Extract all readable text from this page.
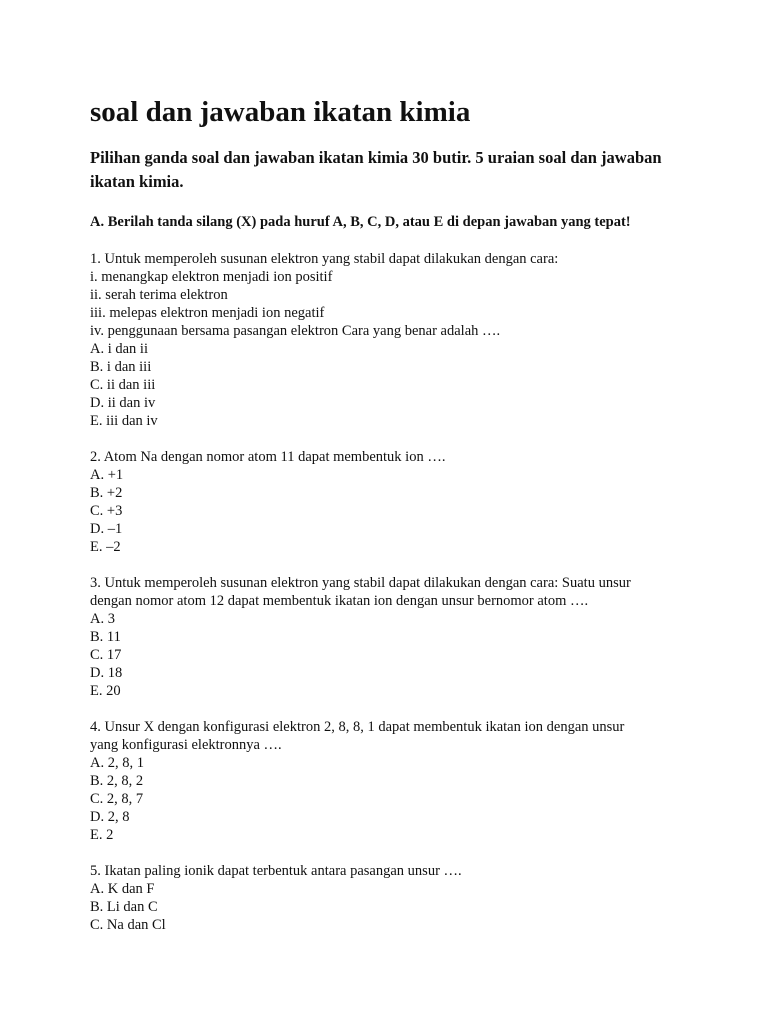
soal dan jawaban ikatan kimia

Pilihan ganda soal dan jawaban ikatan kimia 30 butir. 5 uraian soal dan jawaban ikatan kimia.

A. Berilah tanda silang (X) pada huruf A, B, C, D, atau E di depan jawaban yang tepat!

1. Untuk memperoleh susunan elektron yang stabil dapat dilakukan dengan cara:

i. menangkap elektron menjadi ion positif
ii. serah terima elektron
iii. melepas elektron menjadi ion negatif
iv. penggunaan bersama pasangan elektron Cara yang benar adalah ….
A. i dan ii
B. i dan iii
C. ii dan iii
D. ii dan iv
E. iii dan iv

2. Atom Na dengan nomor atom 11 dapat membentuk ion ….

A. +1
B. +2
C. +3
D. –1
E. –2

3. Untuk memperoleh susunan elektron yang stabil dapat dilakukan dengan cara: Suatu unsur
dengan nomor atom 12 dapat membentuk ikatan ion dengan unsur bernomor atom ….

A. 3
B. 11
C. 17
D. 18
E. 20

4. Unsur X dengan konfigurasi elektron 2, 8, 8, 1 dapat membentuk ikatan ion dengan unsur
yang konfigurasi elektronnya ….

A. 2, 8, 1
B. 2, 8, 2
C. 2, 8, 7
D. 2, 8
E. 2

5. Ikatan paling ionik dapat terbentuk antara pasangan unsur ….

A. K dan F
B. Li dan C
C. Na dan Cl
